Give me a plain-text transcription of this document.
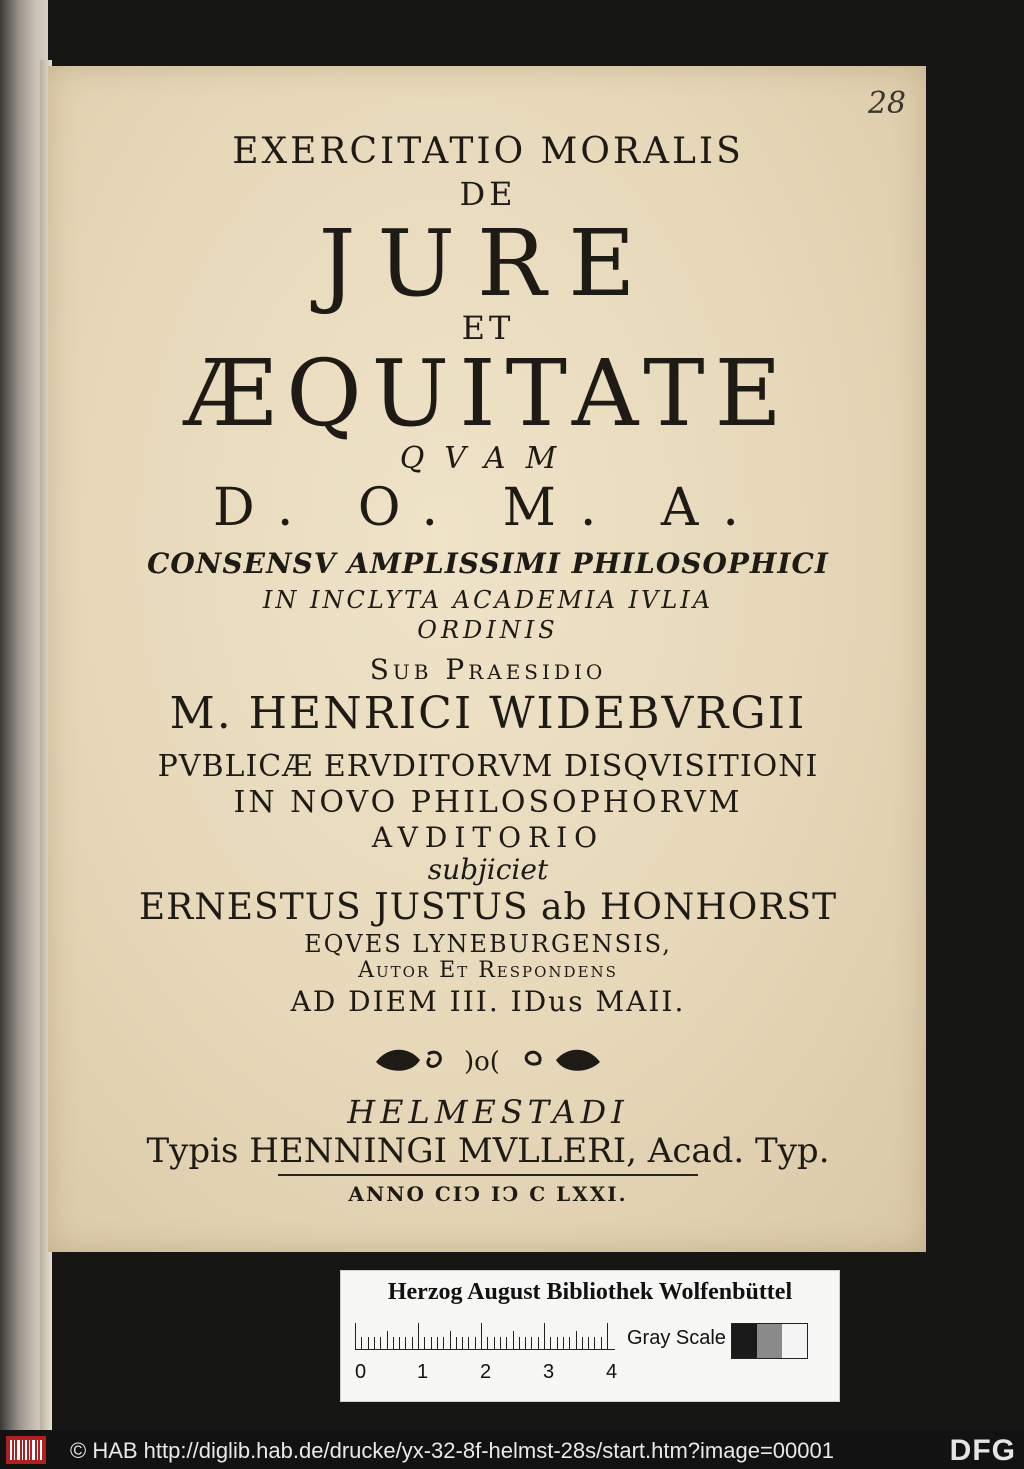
28
EXERCITATIO MORALIS
DE
JURE
ET
ÆQUITATE
QVAM
D. O. M. A.
CONSENSV AMPLISSIMI PHILOSOPHICI
IN INCLYTA ACADEMIA IVLIA
ORDINIS
Sub Praesidio
M. HENRICI WIDEBVRGII
PVBLICÆ ERVDITORVM DISQVISITIONI
IN NOVO PHILOSOPHORVM
AVDITORIO
subjiciet
ERNESTUS JUSTUS ab HONHORST
EQVES LYNEBURGENSIS,
Autor Et Respondens
AD DIEM III. IDus MAII.
)o(
HELMESTADI
Typis HENNINGI MVLLERI, Acad. Typ.
ANNO CIϽ IϽ C LXXI.
Herzog August Bibliothek Wolfenbüttel
0	1	2	3	4
Gray Scale
© HAB http://diglib.hab.de/drucke/yx-32-8f-helmst-28s/start.htm?image=00001	DFG
